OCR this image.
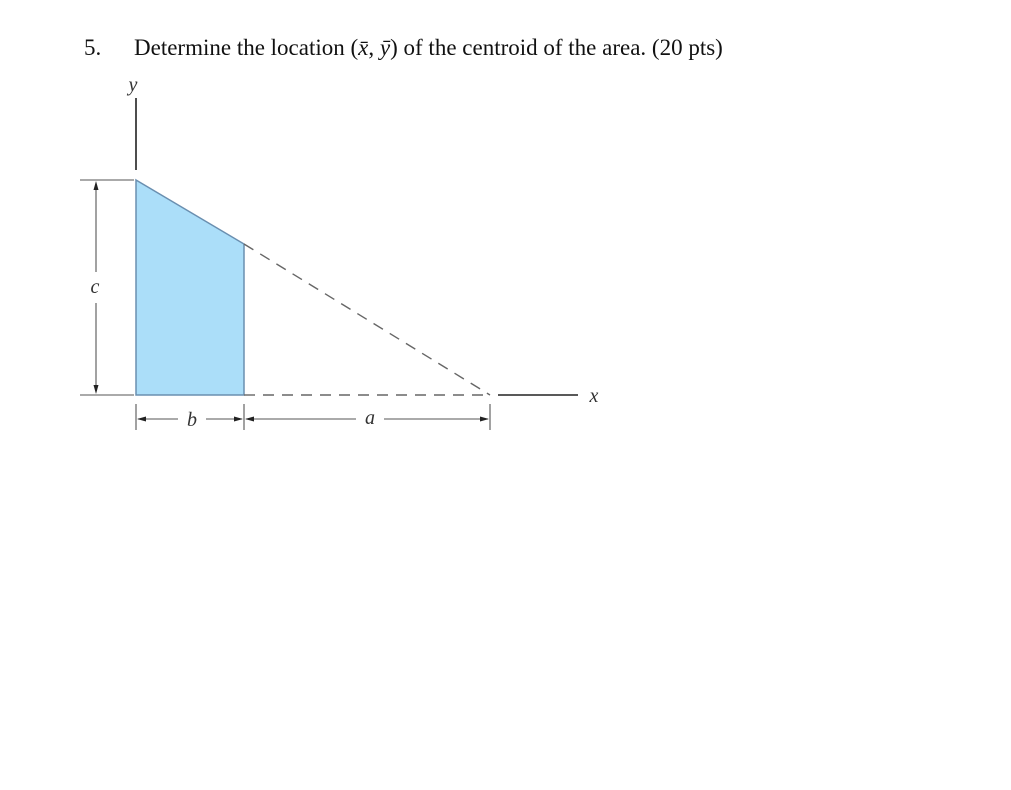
5. Determine the location (x̄, ȳ) of the centroid of the area. (20 pts)
y
x
c
b	a
